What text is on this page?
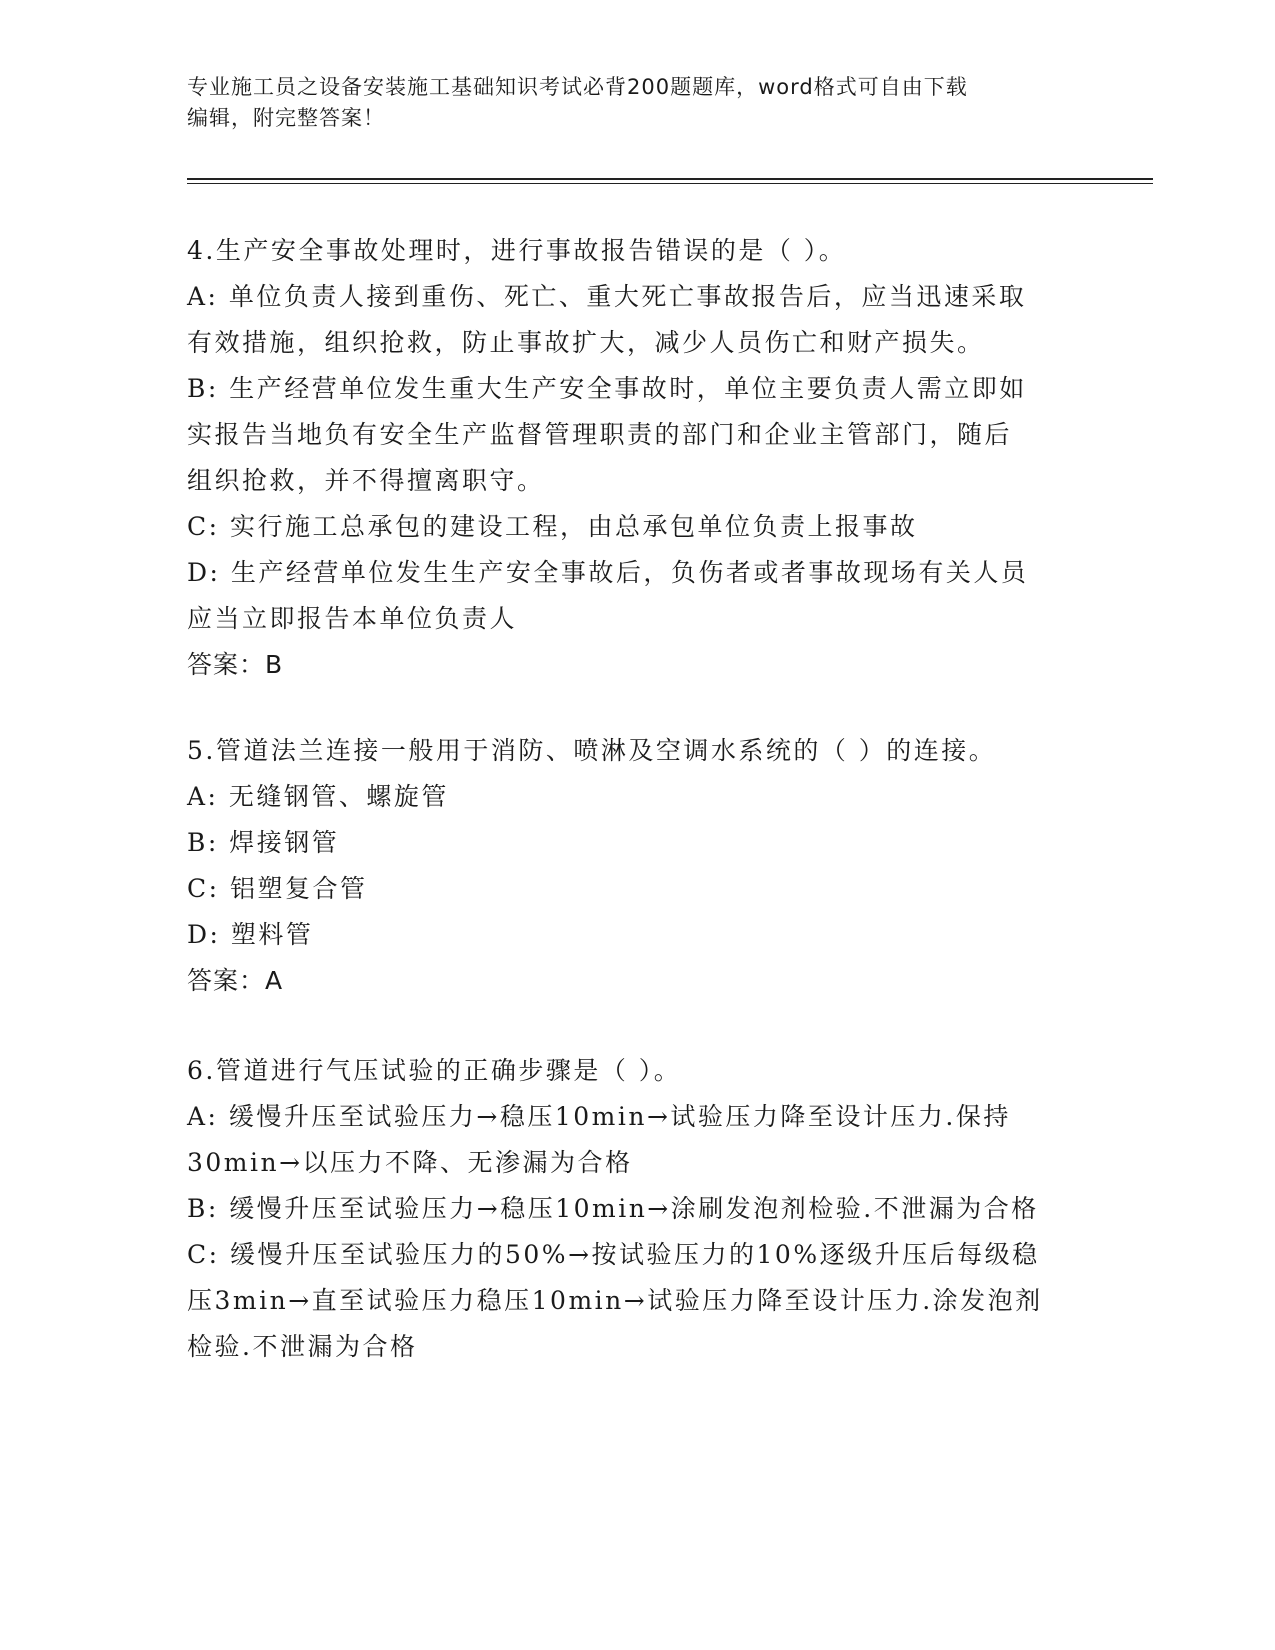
专业施工员之设备安装施工基础知识考试必背200题题库，word格式可自由下载
编辑，附完整答案！

4.生产安全事故处理时，进行事故报告错误的是（ ）。

A: 单位负责人接到重伤、死亡、重大死亡事故报告后，应当迅速采取

有效措施，组织抢救，防止事故扩大，减少人员伤亡和财产损失。

B: 生产经营单位发生重大生产安全事故时，单位主要负责人需立即如

实报告当地负有安全生产监督管理职责的部门和企业主管部门，随后

组织抢救，并不得擅离职守。

C: 实行施工总承包的建设工程，由总承包单位负责上报事故

D: 生产经营单位发生生产安全事故后，负伤者或者事故现场有关人员

应当立即报告本单位负责人

答案：B

5.管道法兰连接一般用于消防、喷淋及空调水系统的（ ）的连接。

A: 无缝钢管、螺旋管

B: 焊接钢管

C: 铝塑复合管

D: 塑料管

答案：A

6.管道进行气压试验的正确步骤是（ ）。

A: 缓慢升压至试验压力→稳压10min→试验压力降至设计压力.保持

30min→以压力不降、无渗漏为合格

B: 缓慢升压至试验压力→稳压10min→涂刷发泡剂检验.不泄漏为合格

C: 缓慢升压至试验压力的50%→按试验压力的10%逐级升压后每级稳

压3min→直至试验压力稳压10min→试验压力降至设计压力.涂发泡剂

检验.不泄漏为合格
